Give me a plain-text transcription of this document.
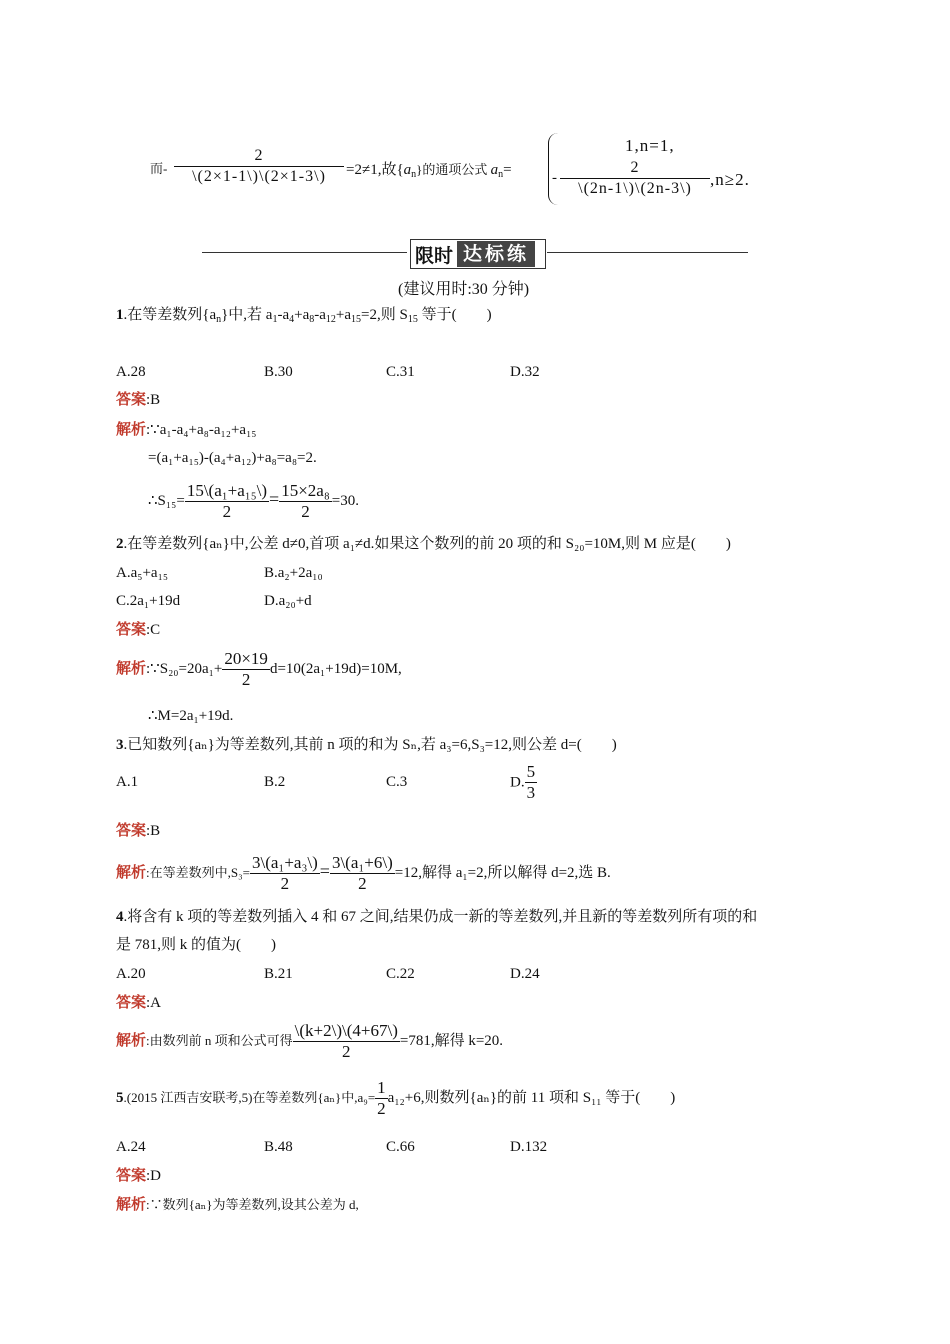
而- $\frac{2}{\backslash(2\times 1-1\backslash)\backslash(2\times 1-3\backslash)} =2\ne 1$,故$\{a_n\}$的通项公式 $a_n=$
1,n=1,
- $\frac{2}{\backslash(2n-1\backslash)\backslash(2n-3\backslash)} ,n\ge 2$.
限时 达标练
(建议用时:30 分钟)
1.在等差数列$\{a_n\}$中,若 $a_1-a_4+a_8-a_{12}+a_{15}=2$,则 $S_{15}$ 等于(　　)
A.28	B.30	C.31	D.32
答案:B
解析:∵a₁-a₄+a₈-a₁₂+a₁₅
=(a₁+a₁₅)-(a₄+a₁₂)+a₈=a₈=2.
∴S₁₅= $\frac{\text{15\textbackslash{}(a₁+a₁₅\textbackslash{})}}{2} = \frac{\text{15×2a₈}}{2} =30$.
2.在等差数列{aₙ}中,公差 d≠0,首项 a₁≠d.如果这个数列的前 20 项的和 S₂₀=10M,则 M 应是(　　)
A.a₅+a₁₅	B.a₂+2a₁₀
C.2a₁+19d	D.a₂₀+d
答案:C
解析:∵S₂₀=20a₁+ $\frac{20\times 19}{2} d=10(2a_1+19d)=10M$,
∴M=2a₁+19d.
3.已知数列{aₙ}为等差数列,其前 n 项的和为 Sₙ,若 a₃=6,S₃=12,则公差 d=(　　)
A.1	B.2	C.3	D. $\frac{5}{3}$
答案:B
解析:在等差数列中$,S_3= \frac{\text{3\textbackslash{}(a₁+a₃\textbackslash{})}}{2} = \frac{\text{3\textbackslash{}(a₁+6\textbackslash{})}}{2} =12$,解得 a₁=2,所以解得 d=2,选 B.
4.将含有 k 项的等差数列插入 4 和 67 之间,结果仍成一新的等差数列,并且新的等差数列所有项的和
是 781,则 k 的值为(　　)
A.20	B.21	C.22	D.24
答案:A
解析:由数列前 n 项和公式可得 $\frac{\backslash(k+2\backslash)\backslash(4+67\backslash)}{2} =781$,解得 k=20.
5.(2015 江西吉安联考,5)在等差数列{aₙ}中$,a_9= \frac{1}{2} a_{12}+6$,则数列{aₙ}的前 11 项和 S₁₁ 等于(　　)
A.24	B.48	C.66	D.132
答案:D
解析:∵数列{aₙ}为等差数列,设其公差为 d,
